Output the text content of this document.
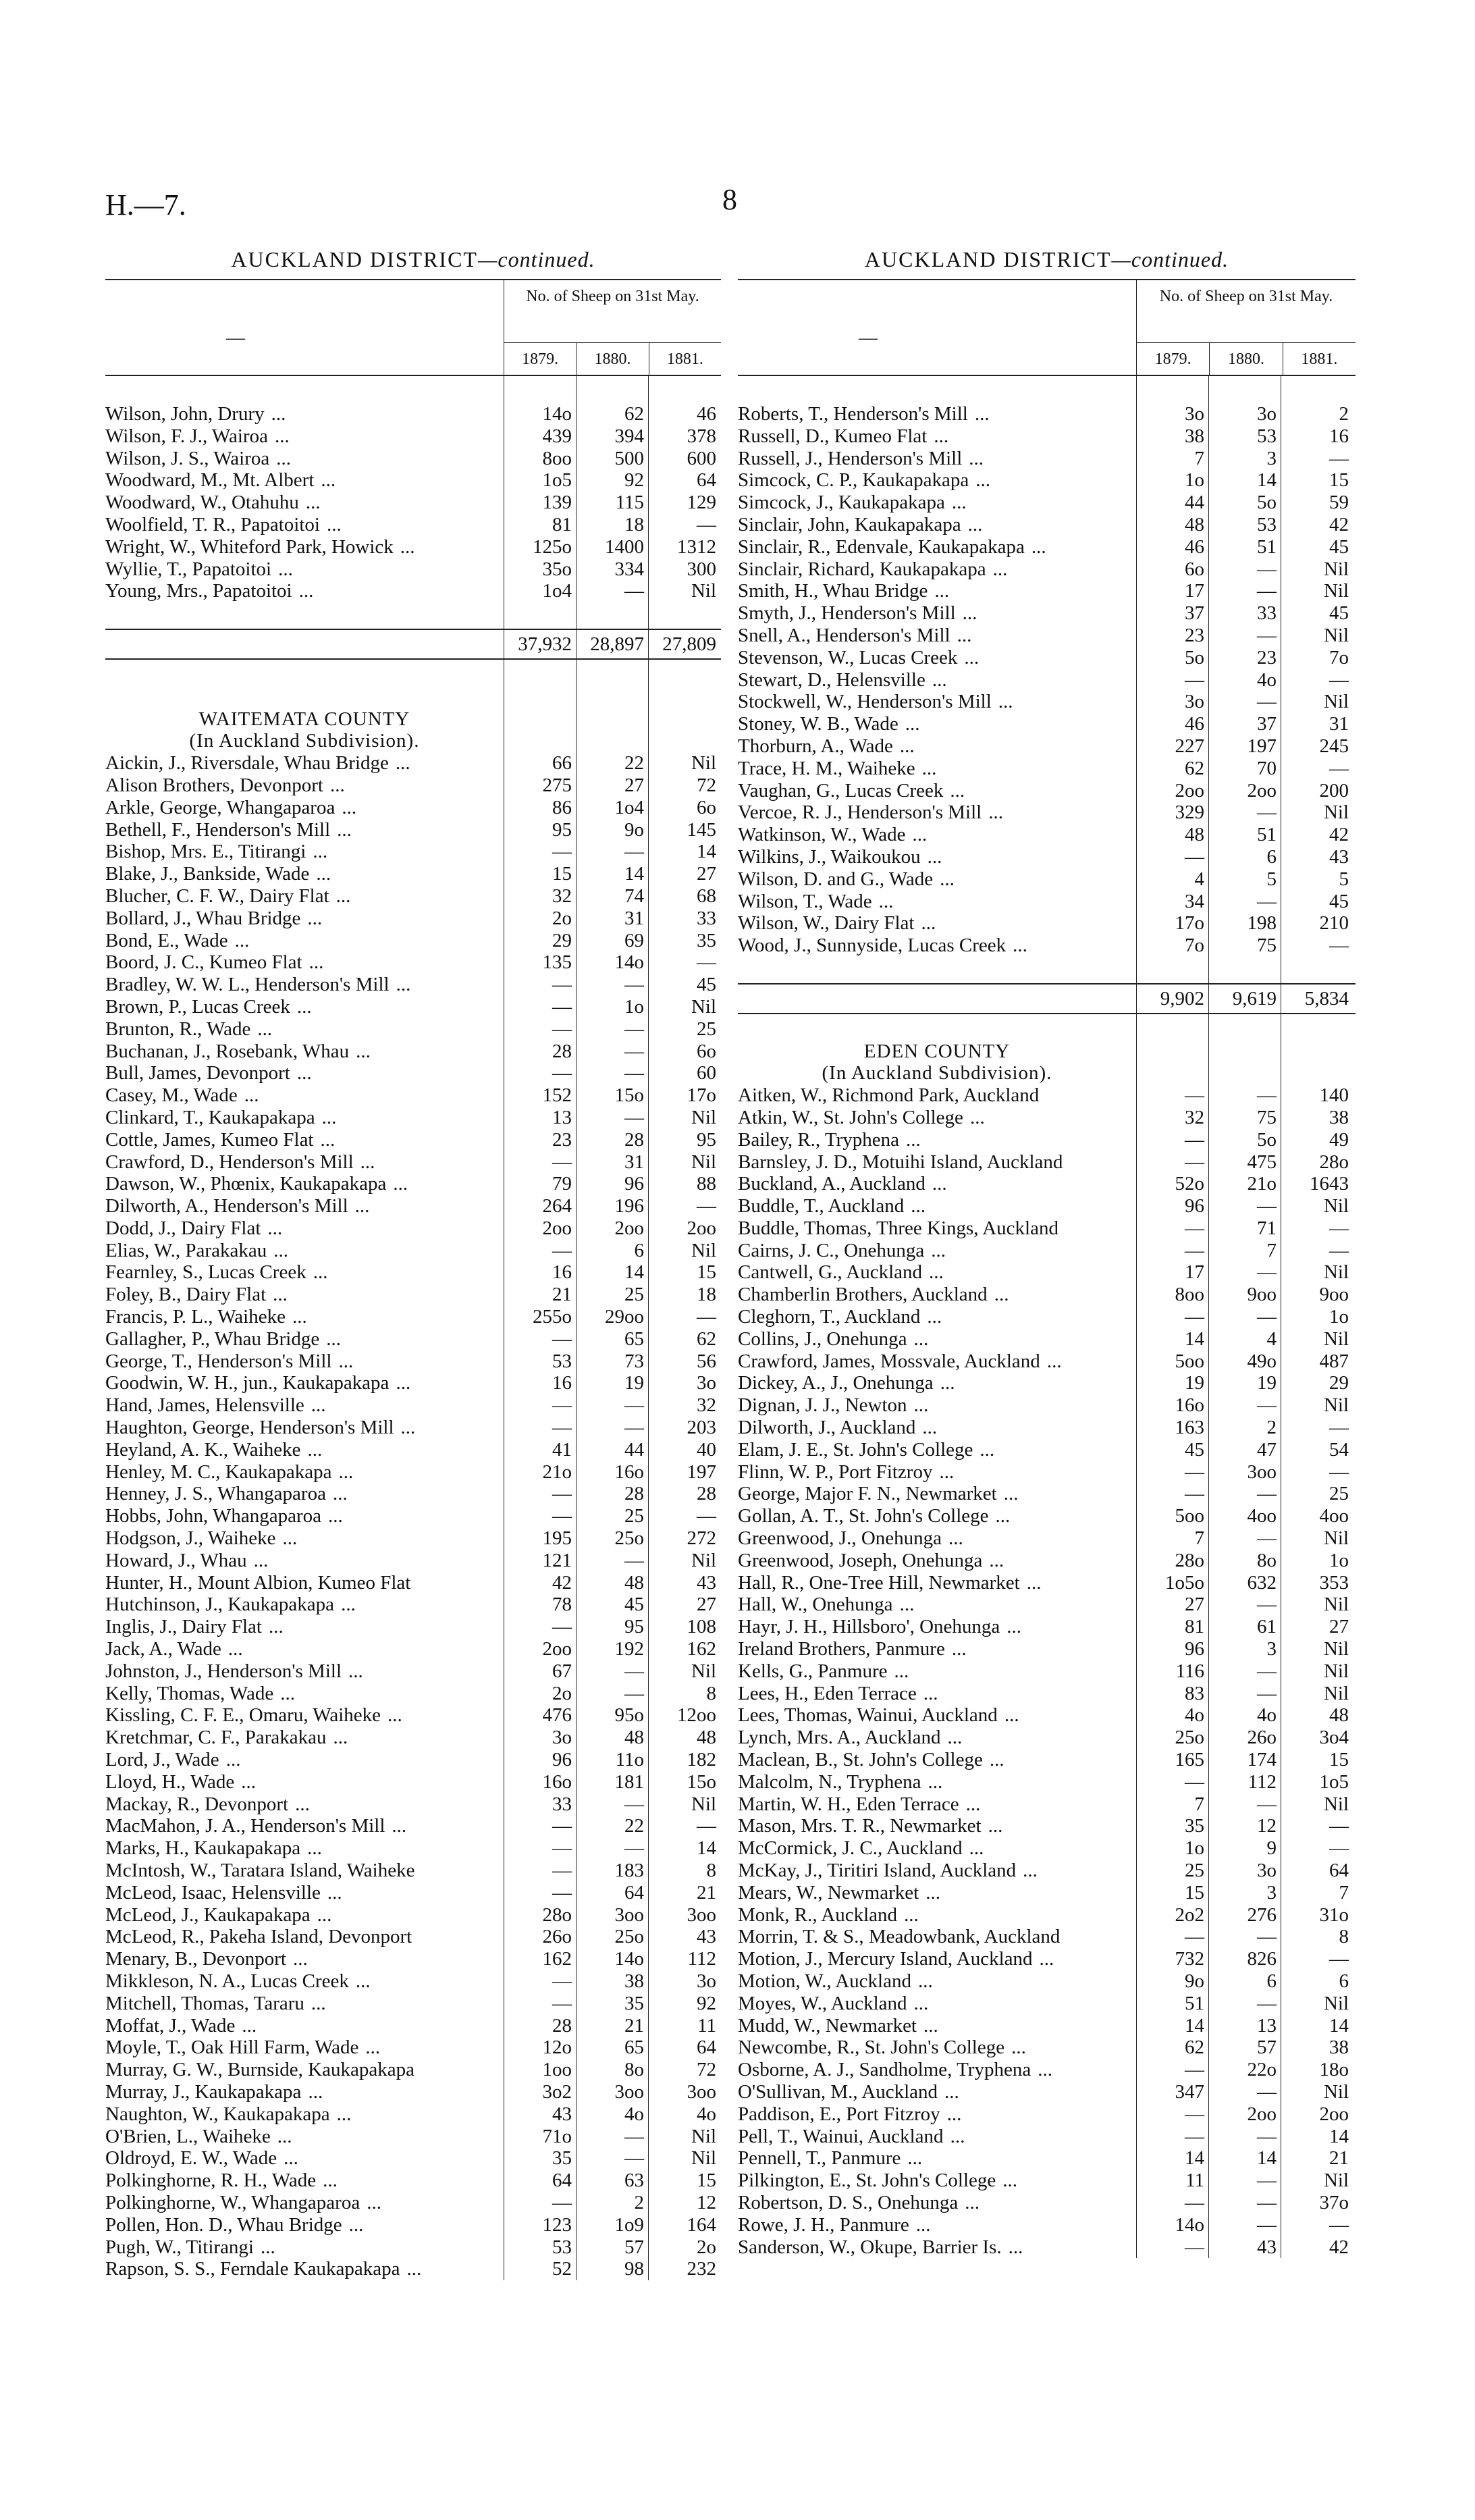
H.—7.	8
AUCKLAND DISTRICT—continued.
—
No. of Sheep on 31st May.
1879.	1880.	1881.
Wilson, John, Drury ...	14o	62	46
Wilson, F. J., Wairoa ...	439	394	378
Wilson, J. S., Wairoa ...	8oo	500	600
Woodward, M., Mt. Albert ...	1o5	92	64
Woodward, W., Otahuhu ...	139	115	129
Woolfield, T. R., Papatoitoi ...	81	18	—
Wright, W., Whiteford Park, Howick ...	125o	1400	1312
Wyllie, T., Papatoitoi ...	35o	334	300
Young, Mrs., Papatoitoi ...	1o4	—	Nil
37,932 28,897 27,809
WAITEMATA COUNTY
(In Auckland Subdivision).
Aickin, J., Riversdale, Whau Bridge ...	66	22	Nil
Alison Brothers, Devonport ...	275	27	72
Arkle, George, Whangaparoa ...	86	1o4	6o
Bethell, F., Henderson's Mill ...	95	9o	145
Bishop, Mrs. E., Titirangi ...	—	—	14
Blake, J., Bankside, Wade ...	15	14	27
Blucher, C. F. W., Dairy Flat ...	32	74	68
Bollard, J., Whau Bridge ...	2o	31	33
Bond, E., Wade ...	29	69	35
Boord, J. C., Kumeo Flat ...	135	14o	—
Bradley, W. W. L., Henderson's Mill ...	—	—	45
Brown, P., Lucas Creek ...	—	1o	Nil
Brunton, R., Wade ...	—	—	25
Buchanan, J., Rosebank, Whau ...	28	—	6o
Bull, James, Devonport ...	—	—	60
Casey, M., Wade ...	152	15o	17o
Clinkard, T., Kaukapakapa ...	13	—	Nil
Cottle, James, Kumeo Flat ...	23	28	95
Crawford, D., Henderson's Mill ...	—	31	Nil
Dawson, W., Phœnix, Kaukapakapa ...	79	96	88
Dilworth, A., Henderson's Mill ...	264	196	—
Dodd, J., Dairy Flat ...	2oo	2oo	2oo
Elias, W., Parakakau ...	—	6	Nil
Fearnley, S., Lucas Creek ...	16	14	15
Foley, B., Dairy Flat ...	21	25	18
Francis, P. L., Waiheke ...	255o	29oo	—
Gallagher, P., Whau Bridge ...	—	65	62
George, T., Henderson's Mill ...	53	73	56
Goodwin, W. H., jun., Kaukapakapa ...	16	19	3o
Hand, James, Helensville ...	—	—	32
Haughton, George, Henderson's Mill ...	—	—	203
Heyland, A. K., Waiheke ...	41	44	40
Henley, M. C., Kaukapakapa ...	21o	16o	197
Henney, J. S., Whangaparoa ...	—	28	28
Hobbs, John, Whangaparoa ...	—	25	—
Hodgson, J., Waiheke ...	195	25o	272
Howard, J., Whau ...	121	—	Nil
Hunter, H., Mount Albion, Kumeo Flat	42	48	43
Hutchinson, J., Kaukapakapa ...	78	45	27
Inglis, J., Dairy Flat ...	—	95	108
Jack, A., Wade ...	2oo	192	162
Johnston, J., Henderson's Mill ...	67	—	Nil
Kelly, Thomas, Wade ...	2o	—	8
Kissling, C. F. E., Omaru, Waiheke ...	476	95o	12oo
Kretchmar, C. F., Parakakau ...	3o	48	48
Lord, J., Wade ...	96	11o	182
Lloyd, H., Wade ...	16o	181	15o
Mackay, R., Devonport ...	33	—	Nil
MacMahon, J. A., Henderson's Mill ...	—	22	—
Marks, H., Kaukapakapa ...	—	—	14
McIntosh, W., Taratara Island, Waiheke	—	183	8
McLeod, Isaac, Helensville ...	—	64	21
McLeod, J., Kaukapakapa ...	28o	3oo	3oo
McLeod, R., Pakeha Island, Devonport	26o	25o	43
Menary, B., Devonport ...	162	14o	112
Mikkleson, N. A., Lucas Creek ...	—	38	3o
Mitchell, Thomas, Tararu ...	—	35	92
Moffat, J., Wade ...	28	21	11
Moyle, T., Oak Hill Farm, Wade ...	12o	65	64
Murray, G. W., Burnside, Kaukapakapa	1oo	8o	72
Murray, J., Kaukapakapa ...	3o2	3oo	3oo
Naughton, W., Kaukapakapa ...	43	4o	4o
O'Brien, L., Waiheke ...	71o	—	Nil
Oldroyd, E. W., Wade ...	35	—	Nil
Polkinghorne, R. H., Wade ...	64	63	15
Polkinghorne, W., Whangaparoa ...	—	2	12
Pollen, Hon. D., Whau Bridge ...	123	1o9	164
Pugh, W., Titirangi ...	53	57	2o
Rapson, S. S., Ferndale Kaukapakapa ...	52	98	232
AUCKLAND DISTRICT—continued.
—
No. of Sheep on 31st May.
1879.	1880.	1881.
Roberts, T., Henderson's Mill ...	3o	3o	2
Russell, D., Kumeo Flat ...	38	53	16
Russell, J., Henderson's Mill ...	7	3	—
Simcock, C. P., Kaukapakapa ...	1o	14	15
Simcock, J., Kaukapakapa ...	44	5o	59
Sinclair, John, Kaukapakapa ...	48	53	42
Sinclair, R., Edenvale, Kaukapakapa ...	46	51	45
Sinclair, Richard, Kaukapakapa ...	6o	—	Nil
Smith, H., Whau Bridge ...	17	—	Nil
Smyth, J., Henderson's Mill ...	37	33	45
Snell, A., Henderson's Mill ...	23	—	Nil
Stevenson, W., Lucas Creek ...	5o	23	7o
Stewart, D., Helensville ...	—	4o	—
Stockwell, W., Henderson's Mill ...	3o	—	Nil
Stoney, W. B., Wade ...	46	37	31
Thorburn, A., Wade ...	227	197	245
Trace, H. M., Waiheke ...	62	70	—
Vaughan, G., Lucas Creek ...	2oo	2oo	200
Vercoe, R. J., Henderson's Mill ...	329	—	Nil
Watkinson, W., Wade ...	48	51	42
Wilkins, J., Waikoukou ...	—	6	43
Wilson, D. and G., Wade ...	4	5	5
Wilson, T., Wade ...	34	—	45
Wilson, W., Dairy Flat ...	17o	198	210
Wood, J., Sunnyside, Lucas Creek ...	7o	75	—
9,902	9,619	5,834
EDEN COUNTY
(In Auckland Subdivision).
Aitken, W., Richmond Park, Auckland	—	—	140
Atkin, W., St. John's College ...	32	75	38
Bailey, R., Tryphena ...	—	5o	49
Barnsley, J. D., Motuihi Island, Auckland	—	475	28o
Buckland, A., Auckland ...	52o	21o	1643
Buddle, T., Auckland ...	96	—	Nil
Buddle, Thomas, Three Kings, Auckland	—	71	—
Cairns, J. C., Onehunga ...	—	7	—
Cantwell, G., Auckland ...	17	—	Nil
Chamberlin Brothers, Auckland ...	8oo	9oo	9oo
Cleghorn, T., Auckland ...	—	—	1o
Collins, J., Onehunga ...	14	4	Nil
Crawford, James, Mossvale, Auckland ...	5oo	49o	487
Dickey, A., J., Onehunga ...	19	19	29
Dignan, J. J., Newton ...	16o	—	Nil
Dilworth, J., Auckland ...	163	2	—
Elam, J. E., St. John's College ...	45	47	54
Flinn, W. P., Port Fitzroy ...	—	3oo	—
George, Major F. N., Newmarket ...	—	—	25
Gollan, A. T., St. John's College ...	5oo	4oo	4oo
Greenwood, J., Onehunga ...	7	—	Nil
Greenwood, Joseph, Onehunga ...	28o	8o	1o
Hall, R., One-Tree Hill, Newmarket ...	1o5o	632	353
Hall, W., Onehunga ...	27	—	Nil
Hayr, J. H., Hillsboro', Onehunga ...	81	61	27
Ireland Brothers, Panmure ...	96	3	Nil
Kells, G., Panmure ...	116	—	Nil
Lees, H., Eden Terrace ...	83	—	Nil
Lees, Thomas, Wainui, Auckland ...	4o	4o	48
Lynch, Mrs. A., Auckland ...	25o	26o	3o4
Maclean, B., St. John's College ...	165	174	15
Malcolm, N., Tryphena ...	—	112	1o5
Martin, W. H., Eden Terrace ...	7	—	Nil
Mason, Mrs. T. R., Newmarket ...	35	12	—
McCormick, J. C., Auckland ...	1o	9	—
McKay, J., Tiritiri Island, Auckland ...	25	3o	64
Mears, W., Newmarket ...	15	3	7
Monk, R., Auckland ...	2o2	276	31o
Morrin, T. & S., Meadowbank, Auckland	—	—	8
Motion, J., Mercury Island, Auckland ...	732	826	—
Motion, W., Auckland ...	9o	6	6
Moyes, W., Auckland ...	51	—	Nil
Mudd, W., Newmarket ...	14	13	14
Newcombe, R., St. John's College ...	62	57	38
Osborne, A. J., Sandholme, Tryphena ...	—	22o	18o
O'Sullivan, M., Auckland ...	347	—	Nil
Paddison, E., Port Fitzroy ...	—	2oo	2oo
Pell, T., Wainui, Auckland ...	—	—	14
Pennell, T., Panmure ...	14	14	21
Pilkington, E., St. John's College ...	11	—	Nil
Robertson, D. S., Onehunga ...	—	—	37o
Rowe, J. H., Panmure ...	14o	—	—
Sanderson, W., Okupe, Barrier Is. ...	—	43	42
